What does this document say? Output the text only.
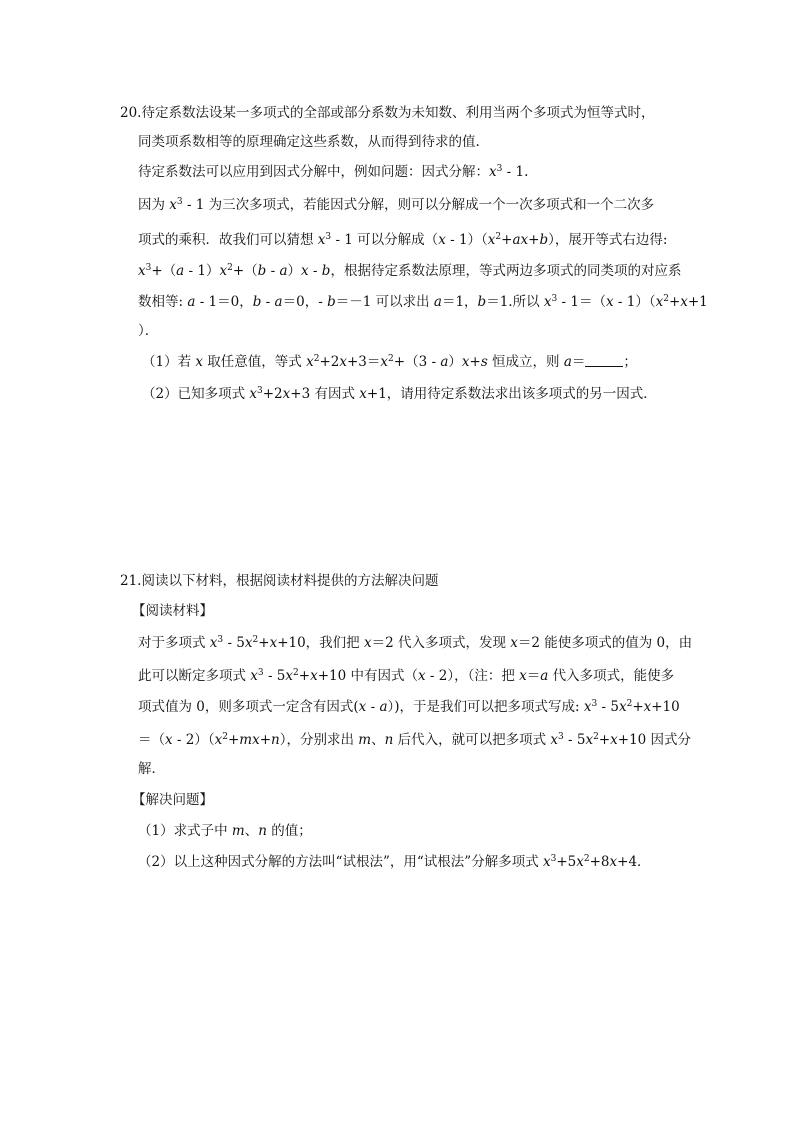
20.待定系数法设某一多项式的全部或部分系数为未知数、利用当两个多项式为恒等式时，
同类项系数相等的原理确定这些系数，从而得到待求的值.
待定系数法可以应用到因式分解中，例如问题：因式分解：$x^3 - 1$.
因为 $x^3 - 1$ 为三次多项式，若能因式分解，则可以分解成一个一次多项式和一个二次多
项式的乘积．故我们可以猜想 $x^3 - 1$ 可以分解成$(x - 1)(x^2+ax+b)$，展开等式右边得:
$x^3+(a - 1)x^2+(b - a)x - b$，根据待定系数法原理，等式两边多项式的同类项的对应系
数相等: a - 1＝0，b - a＝0，- b＝－1 可以求出 a＝1，b＝1.所以 $x^3 - 1=(x - 1)(x^2+x+1$
）．
（1）若 x 取任意值，等式 $x^2+2x+3=x^2+(3 - a)x+s$ 恒成立，则 a＝	；
（2）已知多项式 $x^3+2x+3$ 有因式 x+1，请用待定系数法求出该多项式的另一因式．
21.阅读以下材料，根据阅读材料提供的方法解决问题
【阅读材料】
对于多项式 $x^3 - 5x^2+x+10$，我们把 x＝2 代入多项式，发现 x＝2 能使多项式的值为 0，由
此可以断定多项式 $x^3 - 5x^2+x+10$ 中有因式（x - 2），（注：把 x＝a 代入多项式，能使多
项式值为 0，则多项式一定含有因式(x - a）)，于是我们可以把多项式写成: $x^3 - 5x^2+x+10$
$=(x - 2)(x^2+mx+n)$，分别求出 m、n 后代入，就可以把多项式 $x^3 - 5x^2+x+10$ 因式分
解．
【解决问题】
（1）求式子中 m、n 的值；
（2）以上这种因式分解的方法叫“试根法”，用“试根法”分解多项式 $x^3+5x^2+8x+4$．
